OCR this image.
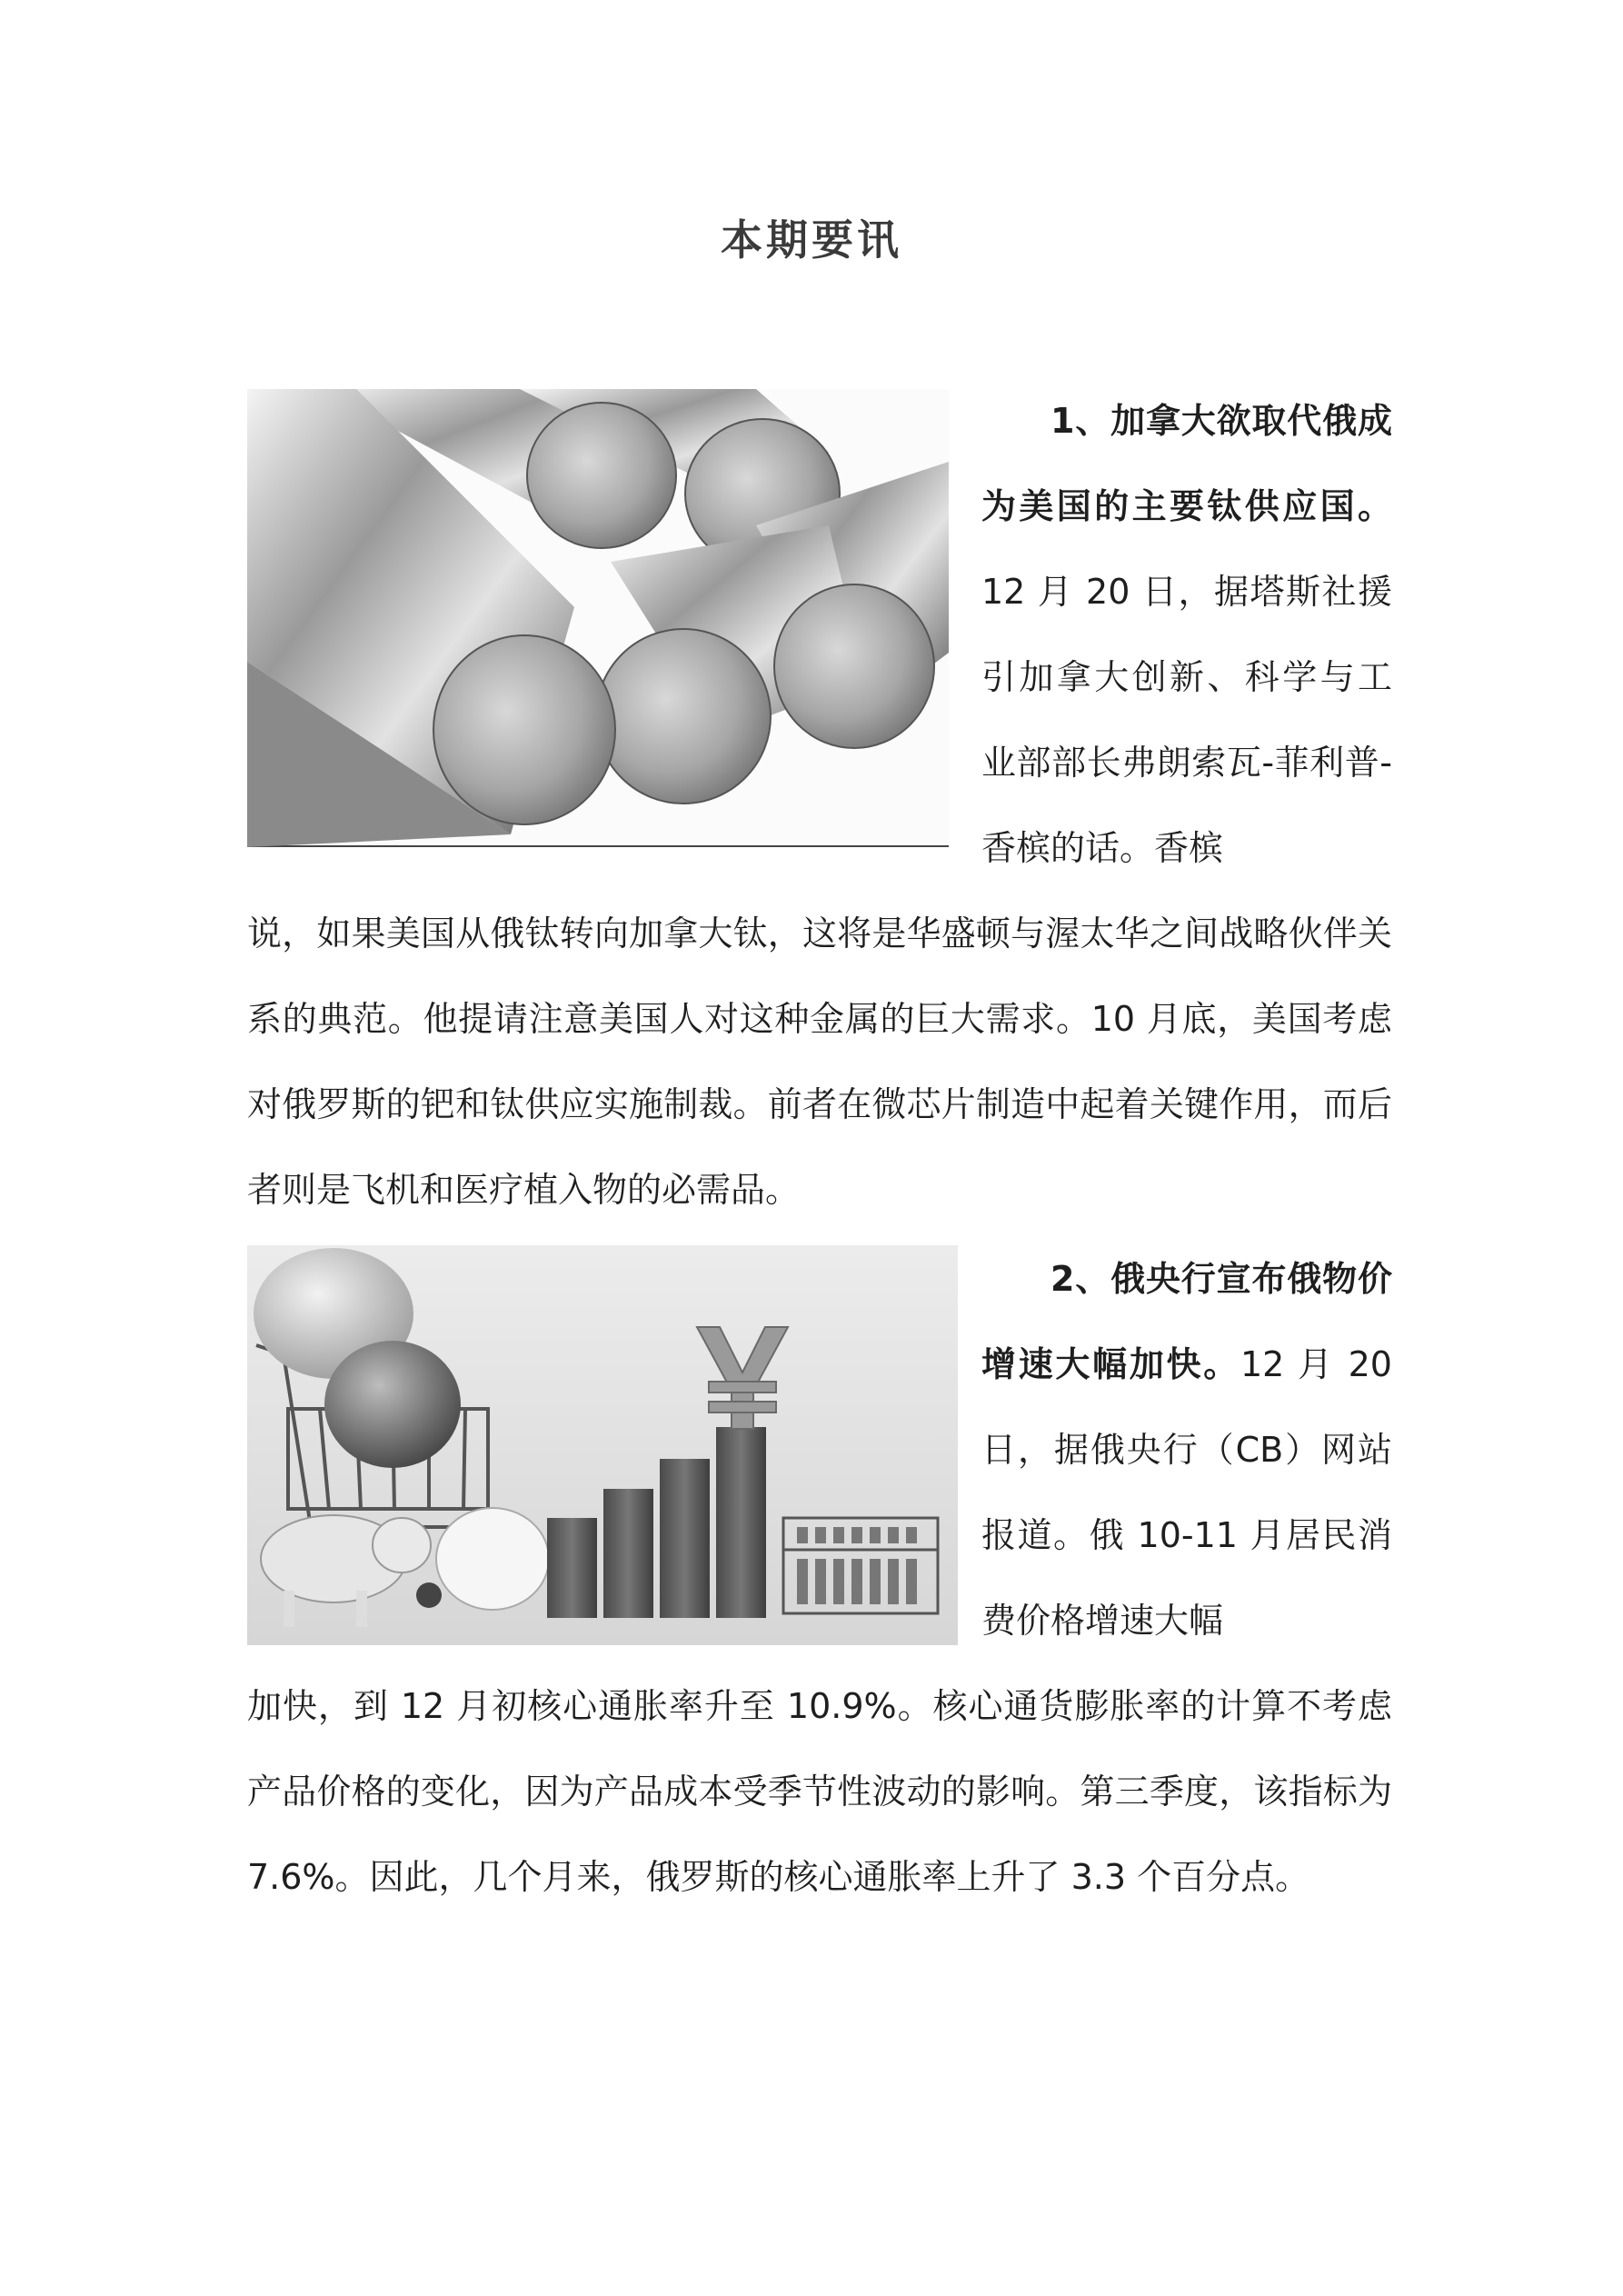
本期要讯

1、加拿大欲取代俄成为美国的主要钛供应国。12 月 20 日，据塔斯社援引加拿大创新、科学与工业部部长弗朗索瓦-菲利普-香槟的话。香槟

说，如果美国从俄钛转向加拿大钛，这将是华盛顿与渥太华之间战略伙伴关系的典范。他提请注意美国人对这种金属的巨大需求。10 月底，美国考虑对俄罗斯的钯和钛供应实施制裁。前者在微芯片制造中起着关键作用，而后者则是飞机和医疗植入物的必需品。

2、俄央行宣布俄物价增速大幅加快。12 月 20 日，据俄央行（CB）网站报道。俄 10-11 月居民消费价格增速大幅

加快，到 12 月初核心通胀率升至 10.9%。核心通货膨胀率的计算不考虑产品价格的变化，因为产品成本受季节性波动的影响。第三季度，该指标为 7.6%。因此，几个月来，俄罗斯的核心通胀率上升了 3.3 个百分点。
